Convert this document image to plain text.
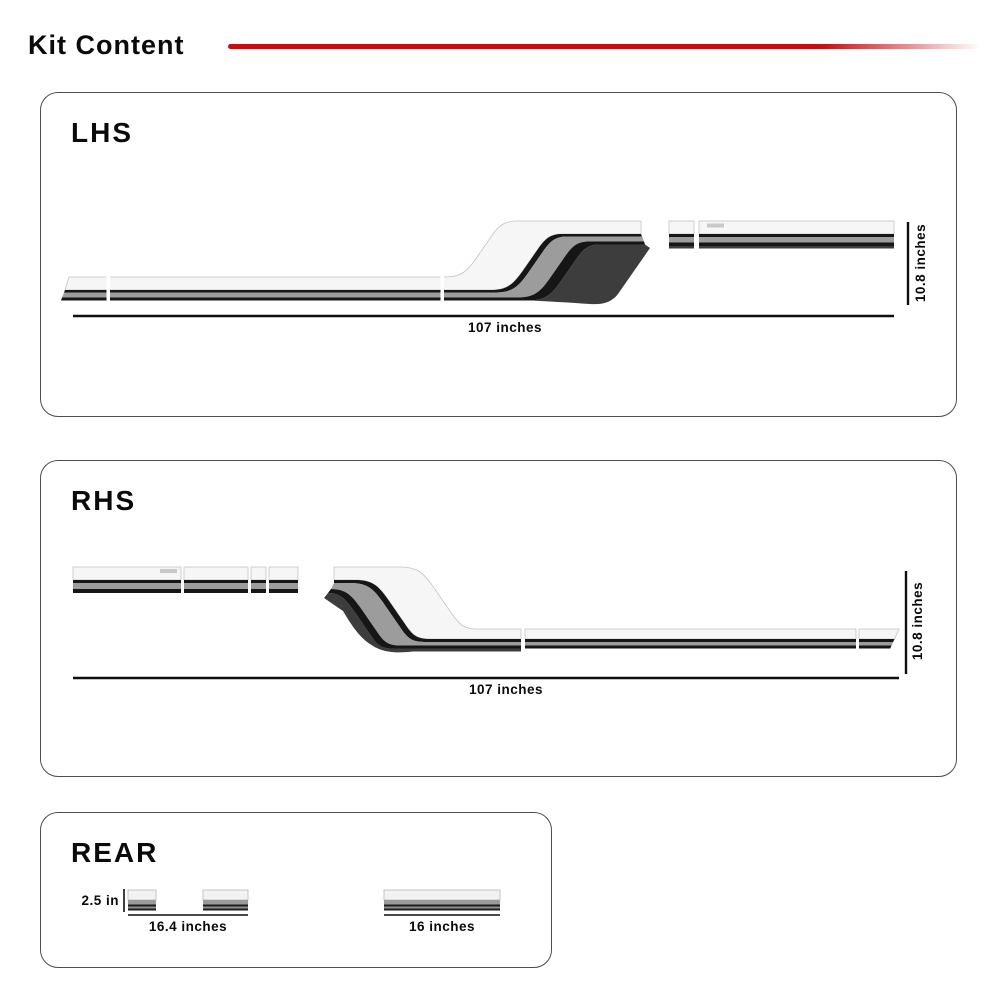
Kit Content
LHS
107 inches
10.8 inches
RHS
107 inches
10.8 inches
REAR
2.5 in
16.4 inches	16 inches
